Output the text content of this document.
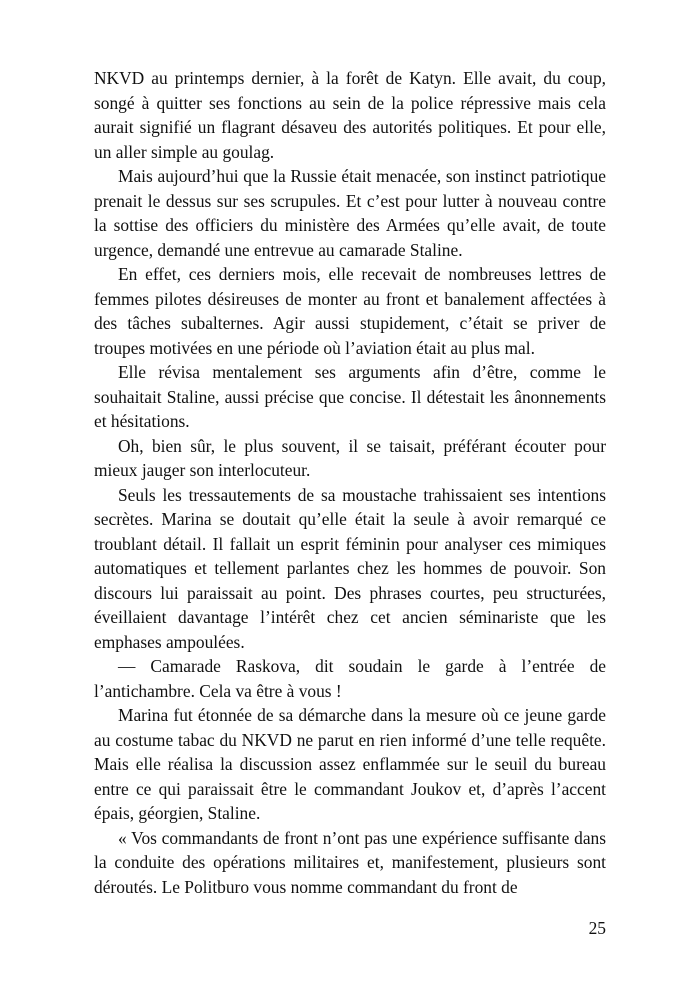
NKVD au printemps dernier, à la forêt de Katyn. Elle avait, du coup, songé à quitter ses fonctions au sein de la police répressive mais cela aurait signifié un flagrant désaveu des autorités politiques. Et pour elle, un aller simple au goulag.

Mais aujourd’hui que la Russie était menacée, son instinct patriotique prenait le dessus sur ses scrupules. Et c’est pour lutter à nouveau contre la sottise des officiers du ministère des Armées qu’elle avait, de toute urgence, demandé une entrevue au camarade Staline.

En effet, ces derniers mois, elle recevait de nombreuses lettres de femmes pilotes désireuses de monter au front et banalement affectées à des tâches subalternes. Agir aussi stupidement, c’était se priver de troupes motivées en une période où l’aviation était au plus mal.

Elle révisa mentalement ses arguments afin d’être, comme le souhaitait Staline, aussi précise que concise. Il détestait les ânonnements et hésitations.

Oh, bien sûr, le plus souvent, il se taisait, préférant écouter pour mieux jauger son interlocuteur.

Seuls les tressautements de sa moustache trahissaient ses intentions secrètes. Marina se doutait qu’elle était la seule à avoir remarqué ce troublant détail. Il fallait un esprit féminin pour analyser ces mimiques automatiques et tellement parlantes chez les hommes de pouvoir. Son discours lui paraissait au point. Des phrases courtes, peu structurées, éveillaient davantage l’intérêt chez cet ancien séminariste que les emphases ampoulées.

— Camarade Raskova, dit soudain le garde à l’entrée de l’antichambre. Cela va être à vous !

Marina fut étonnée de sa démarche dans la mesure où ce jeune garde au costume tabac du NKVD ne parut en rien informé d’une telle requête. Mais elle réalisa la discussion assez enflammée sur le seuil du bureau entre ce qui paraissait être le commandant Joukov et, d’après l’accent épais, géorgien, Staline.

« Vos commandants de front n’ont pas une expérience suffisante dans la conduite des opérations militaires et, manifestement, plusieurs sont déroutés. Le Politburo vous nomme commandant du front de

25
